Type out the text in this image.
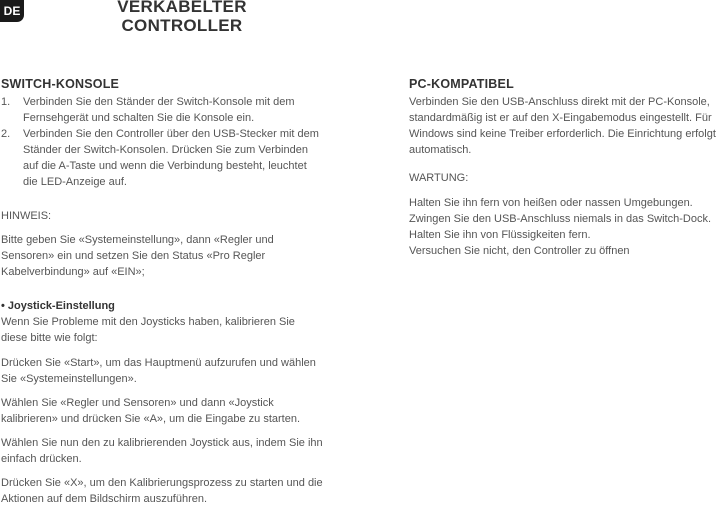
DE	VERKABELTER
CONTROLLER
SWITCH-KONSOLE
1. Verbinden Sie den Ständer der Switch-Konsole mit dem Fernsehgerät und schalten Sie die Konsole ein.
2. Verbinden Sie den Controller über den USB-Stecker mit dem Ständer der Switch-Konsolen. Drücken Sie zum Verbinden auf die A-Taste und wenn die Verbindung besteht, leuchtet die LED-Anzeige auf.

HINWEIS:

Bitte geben Sie «Systemeinstellung», dann «Regler und Sensoren» ein und setzen Sie den Status «Pro Regler Kabelverbindung» auf «EIN»;

• Joystick-Einstellung

Wenn Sie Probleme mit den Joysticks haben, kalibrieren Sie diese bitte wie folgt:

Drücken Sie «Start», um das Hauptmenü aufzurufen und wählen Sie «Systemeinstellungen».

Wählen Sie «Regler und Sensoren» und dann «Joystick kalibrieren» und drücken Sie «A», um die Eingabe zu starten.

Wählen Sie nun den zu kalibrierenden Joystick aus, indem Sie ihn einfach drücken.

Drücken Sie «X», um den Kalibrierungsprozess zu starten und die Aktionen auf dem Bildschirm auszuführen.

PC-KOMPATIBEL

Verbinden Sie den USB-Anschluss direkt mit der PC-Konsole, standardmäßig ist er auf den X-Eingabemodus eingestellt. Für Windows sind keine Treiber erforderlich. Die Einrichtung erfolgt automatisch.

WARTUNG:

Halten Sie ihn fern von heißen oder nassen Umgebungen.

Zwingen Sie den USB-Anschluss niemals in das Switch-Dock.

Halten Sie ihn von Flüssigkeiten fern.

Versuchen Sie nicht, den Controller zu öffnen
